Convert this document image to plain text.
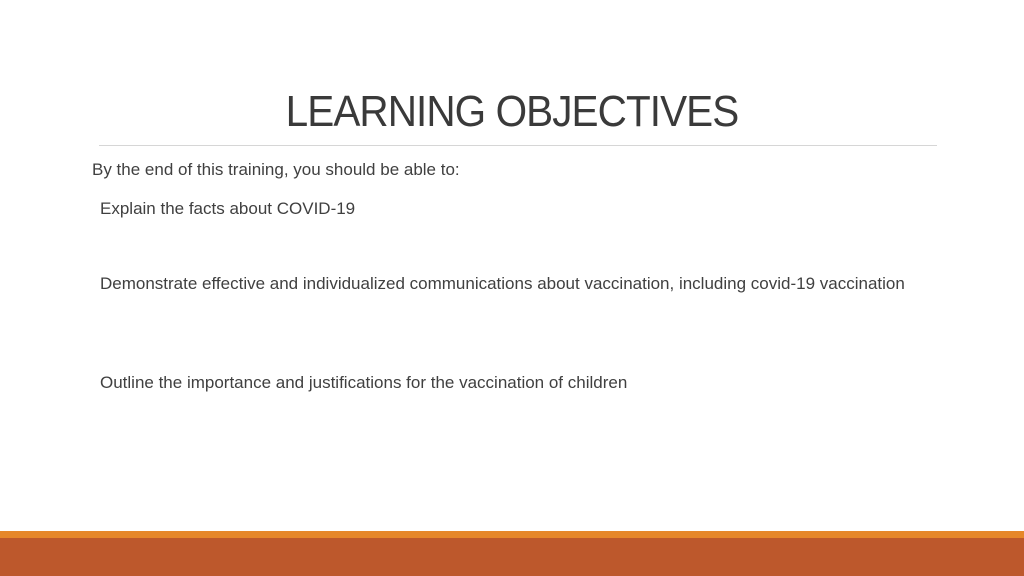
LEARNING OBJECTIVES
By the end of this training, you should be able to:
Explain the facts about COVID-19
Demonstrate effective and individualized communications about vaccination, including covid-19 vaccination
Outline the importance and justifications for the vaccination of children
